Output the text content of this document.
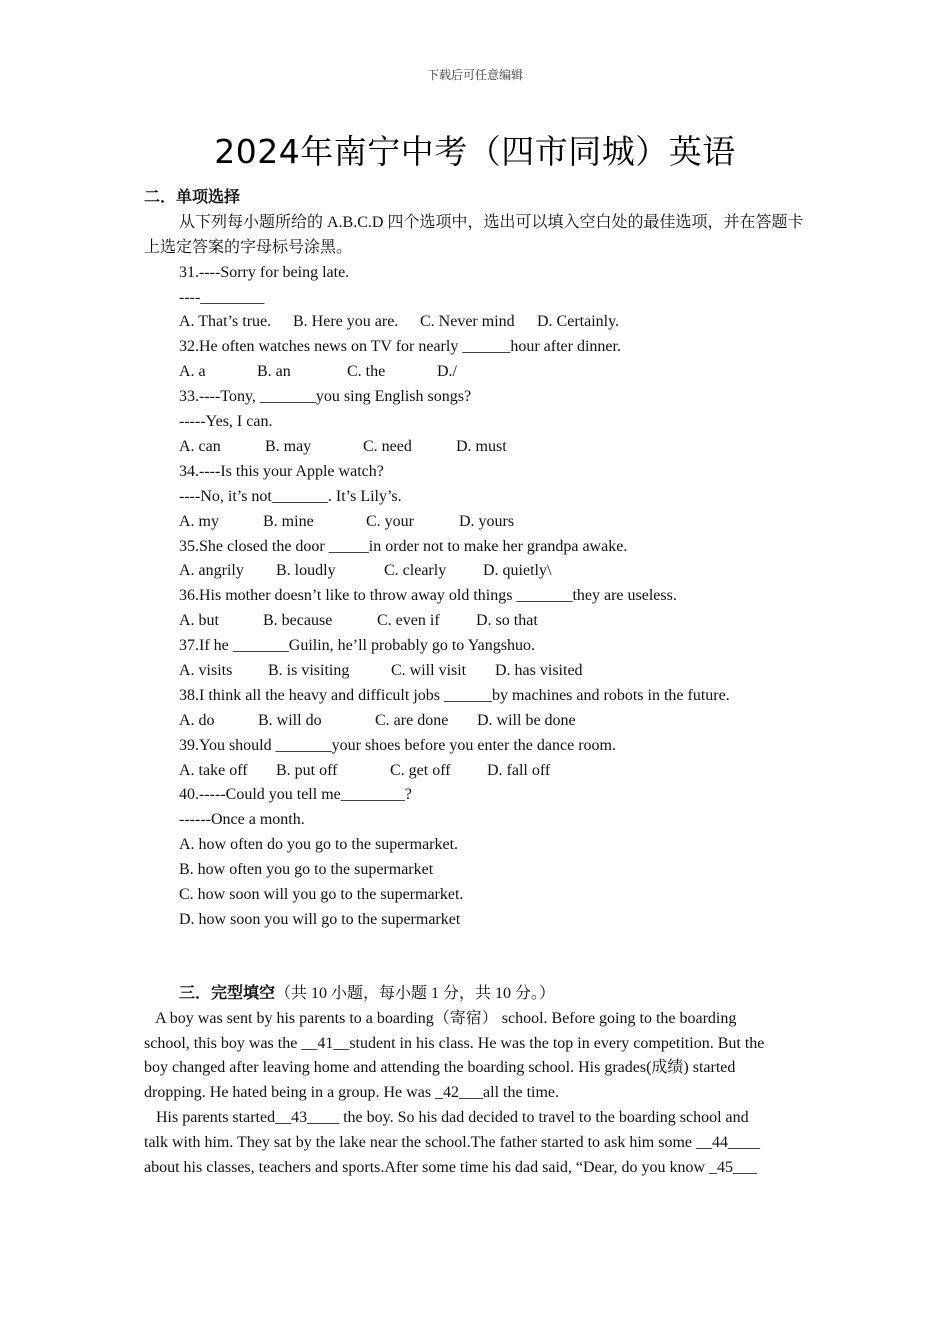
下载后可任意编辑
2024年南宁中考（四市同城）英语
二．单项选择
从下列每小题所给的 A.B.C.D 四个选项中，选出可以填入空白处的最佳选项，并在答题卡上选定答案的字母标号涂黑。
31.----Sorry for being late.
----________
A. That’s true. B. Here you are. C. Never mind D. Certainly.
32.He often watches news on TV for nearly ______hour after dinner.
A. a	B. an	C. the	D./
33.----Tony, _______you sing English songs?
-----Yes, I can.
A. can	B. may	C. need	D. must
34.----Is this your Apple watch?
----No, it’s not_______. It’s Lily’s.
A. my	B. mine	C. your	D. yours
35.She closed the door _____in order not to make her grandpa awake.
A. angrily B. loudly	C. clearly D. quietly\
36.His mother doesn’t like to throw away old things _______they are useless.
A. but	B. because	C. even if D. so that
37.If he _______Guilin, he’ll probably go to Yangshuo.
A. visits B. is visiting	C. will visit D. has visited
38.I think all the heavy and difficult jobs ______by machines and robots in the future.
A. do	B. will do	C. are done D. will be done
39.You should _______your shoes before you enter the dance room.
A. take off B. put off	C. get off D. fall off
40.-----Could you tell me________?
------Once a month.
A. how often do you go to the supermarket.
B. how often you go to the supermarket
C. how soon will you go to the supermarket.
D. how soon you will go to the supermarket
三．完型填空（共 10 小题，每小题 1 分，共 10 分。）
A boy was sent by his parents to a boarding（寄宿） school. Before going to the boarding
school, this boy was the __41__student in his class. He was the top in every competition. But the
boy changed after leaving home and attending the boarding school. His grades(成绩) started
dropping. He hated being in a group. He was _42___all the time.
His parents started__43____ the boy. So his dad decided to travel to the boarding school and
talk with him. They sat by the lake near the school.The father started to ask him some __44____
about his classes, teachers and sports.After some time his dad said, “Dear, do you know _45___
